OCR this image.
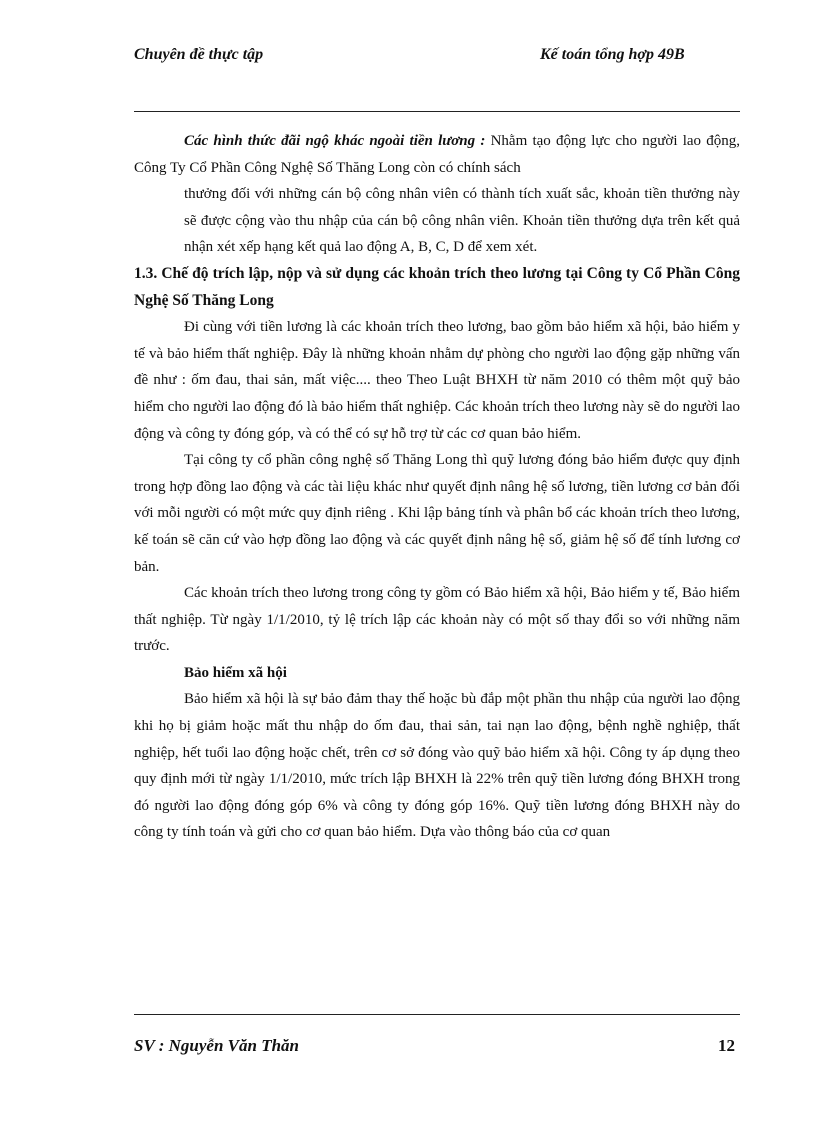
Chuyên đề thực tập	Kế toán tổng hợp 49B

Các hình thức đãi ngộ khác ngoài tiền lương : Nhằm tạo động lực cho người lao động, Công Ty Cổ Phần Công Nghệ Số Thăng Long còn có chính sách

thưởng đối với những cán bộ công nhân viên có thành tích xuất sắc, khoản tiền thưởng này sẽ được cộng vào thu nhập của cán bộ công nhân viên. Khoản tiền thưởng dựa trên kết quả nhận xét xếp hạng kết quả lao động A, B, C, D để xem xét.

1.3. Chế độ trích lập, nộp và sử dụng các khoản trích theo lương tại Công ty Cổ Phần Công Nghệ Số Thăng Long

Đi cùng với tiền lương là các khoản trích theo lương, bao gồm bảo hiểm xã hội, bảo hiểm y tế và bảo hiểm thất nghiệp. Đây là những khoản nhằm dự phòng cho người lao động gặp những vấn đề như : ốm đau, thai sản, mất việc.... theo Theo Luật BHXH từ năm 2010 có thêm một quỹ bảo hiểm cho người lao động đó là bảo hiểm thất nghiệp. Các khoản trích theo lương này sẽ do người lao động và công ty đóng góp, và có thể có sự hỗ trợ từ các cơ quan bảo hiểm.

Tại công ty cổ phần công nghệ số Thăng Long thì quỹ lương đóng bảo hiểm được quy định trong hợp đồng lao động và các tài liệu khác như quyết định nâng hệ số lương, tiền lương cơ bản đối với mỗi người có một mức quy định riêng . Khi lập bảng tính và phân bổ các khoản trích theo lương, kế toán sẽ căn cứ vào hợp đồng lao động và các quyết định nâng hệ số, giảm hệ số để tính lương cơ bản.

Các khoản trích theo lương trong công ty gồm có Bảo hiểm xã hội, Bảo hiểm y tế, Bảo hiểm thất nghiệp. Từ ngày 1/1/2010, tỷ lệ trích lập các khoản này có một số thay đổi so với những năm trước.

Bảo hiểm xã hội

Bảo hiểm xã hội là sự bảo đảm thay thế hoặc bù đắp một phần thu nhập của người lao động khi họ bị giảm hoặc mất thu nhập do ốm đau, thai sản, tai nạn lao động, bệnh nghề nghiệp, thất nghiệp, hết tuổi lao động hoặc chết, trên cơ sở đóng vào quỹ bảo hiểm xã hội. Công ty áp dụng theo quy định mới từ ngày 1/1/2010, mức trích lập BHXH là 22% trên quỹ tiền lương đóng BHXH trong đó người lao động đóng góp 6% và công ty đóng góp 16%. Quỹ tiền lương đóng BHXH này do công ty tính toán và gửi cho cơ quan bảo hiểm. Dựa vào thông báo của cơ quan

SV : Nguyễn Văn Thăn	12
